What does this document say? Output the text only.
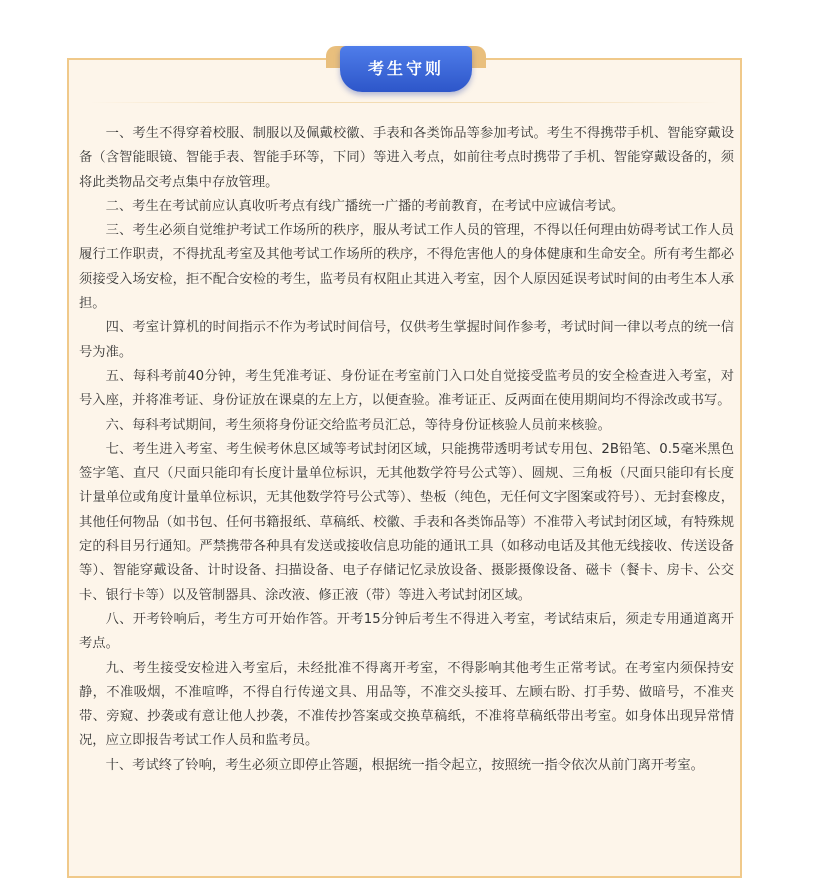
考生守则

一、考生不得穿着校服、制服以及佩戴校徽、手表和各类饰品等参加考试。考生不得携带手机、智能穿戴设备（含智能眼镜、智能手表、智能手环等，下同）等进入考点，如前往考点时携带了手机、智能穿戴设备的，须将此类物品交考点集中存放管理。

二、考生在考试前应认真收听考点有线广播统一广播的考前教育，在考试中应诚信考试。

三、考生必须自觉维护考试工作场所的秩序，服从考试工作人员的管理，不得以任何理由妨碍考试工作人员履行工作职责，不得扰乱考室及其他考试工作场所的秩序，不得危害他人的身体健康和生命安全。所有考生都必须接受入场安检，拒不配合安检的考生，监考员有权阻止其进入考室，因个人原因延误考试时间的由考生本人承担。

四、考室计算机的时间指示不作为考试时间信号，仅供考生掌握时间作参考，考试时间一律以考点的统一信号为准。

五、每科考前40分钟，考生凭准考证、身份证在考室前门入口处自觉接受监考员的安全检查进入考室，对号入座，并将准考证、身份证放在课桌的左上方，以便查验。准考证正、反两面在使用期间均不得涂改或书写。

六、每科考试期间，考生须将身份证交给监考员汇总，等待身份证核验人员前来核验。

七、考生进入考室、考生候考休息区域等考试封闭区域，只能携带透明考试专用包、2B铅笔、0.5毫米黑色签字笔、直尺（尺面只能印有长度计量单位标识，无其他数学符号公式等）、圆规、三角板（尺面只能印有长度计量单位或角度计量单位标识，无其他数学符号公式等）、垫板（纯色，无任何文字图案或符号）、无封套橡皮，其他任何物品（如书包、任何书籍报纸、草稿纸、校徽、手表和各类饰品等）不准带入考试封闭区域，有特殊规定的科目另行通知。严禁携带各种具有发送或接收信息功能的通讯工具（如移动电话及其他无线接收、传送设备等）、智能穿戴设备、计时设备、扫描设备、电子存储记忆录放设备、摄影摄像设备、磁卡（餐卡、房卡、公交卡、银行卡等）以及管制器具、涂改液、修正液（带）等进入考试封闭区域。

八、开考铃响后，考生方可开始作答。开考15分钟后考生不得进入考室，考试结束后，须走专用通道离开考点。

九、考生接受安检进入考室后，未经批准不得离开考室，不得影响其他考生正常考试。在考室内须保持安静，不准吸烟，不准喧哗，不得自行传递文具、用品等，不准交头接耳、左顾右盼、打手势、做暗号，不准夹带、旁窥、抄袭或有意让他人抄袭，不准传抄答案或交换草稿纸，不准将草稿纸带出考室。如身体出现异常情况，应立即报告考试工作人员和监考员。

十、考试终了铃响，考生必须立即停止答题，根据统一指令起立，按照统一指令依次从前门离开考室。
